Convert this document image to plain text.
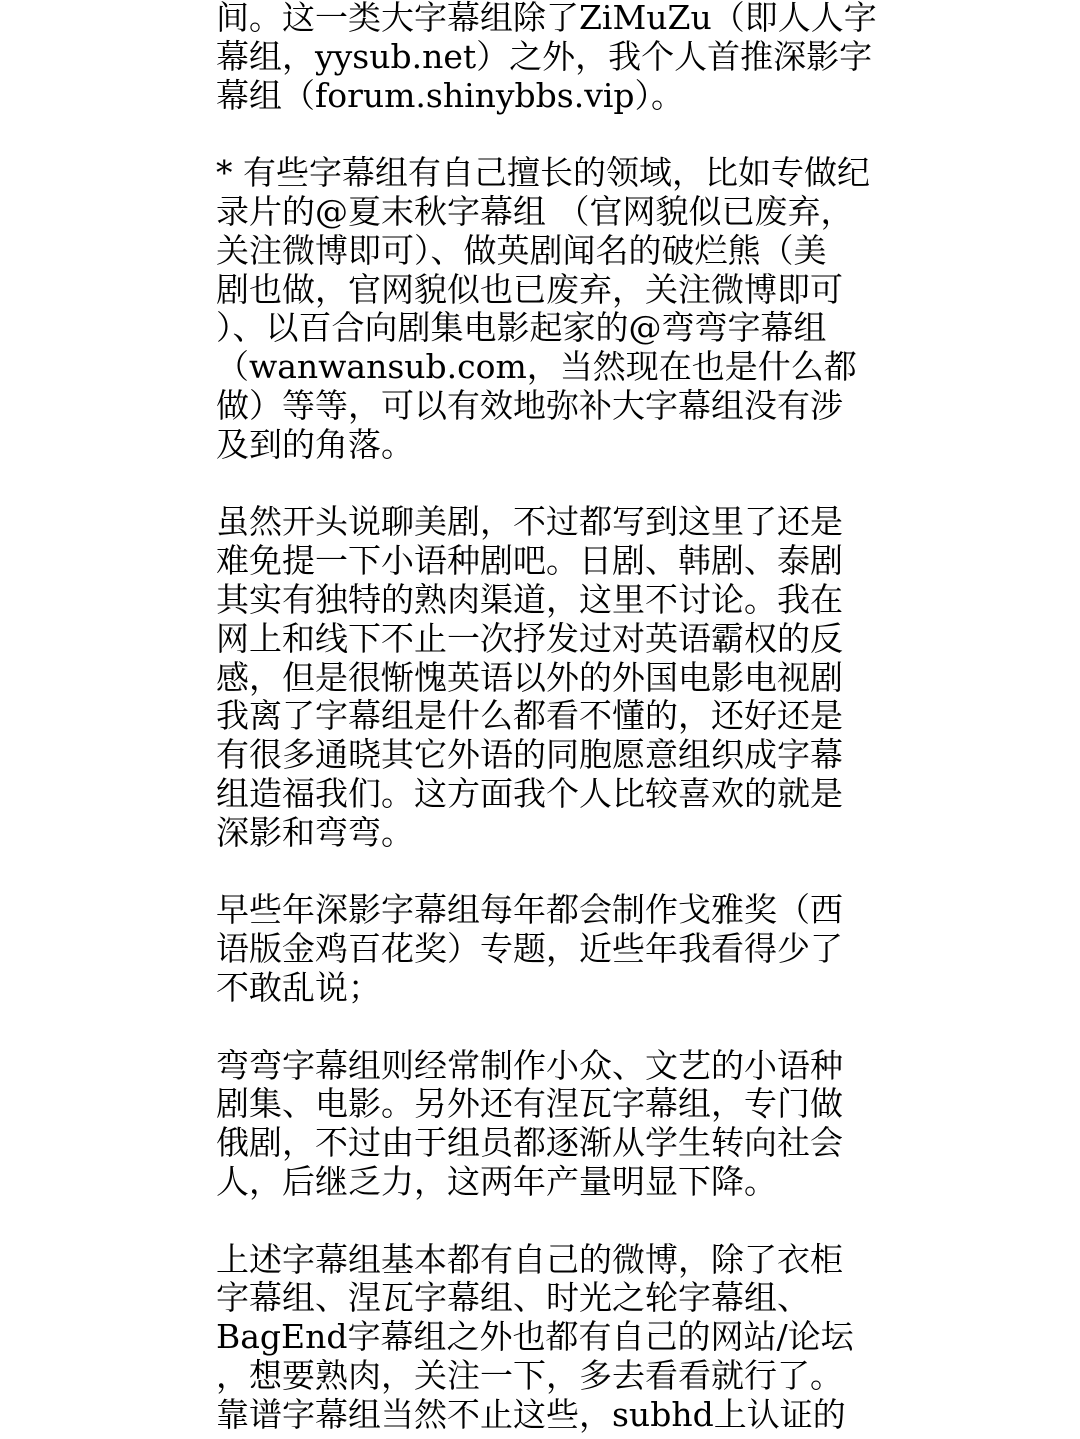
间。这一类大字幕组除了ZiMuZu（即人人字
幕组，yysub.net）之外，我个人首推深影字
幕组（forum.shinybbs.vip）。

* 有些字幕组有自己擅长的领域，比如专做纪
录片的@夏末秋字幕组 （官网貌似已废弃，
关注微博即可）、做英剧闻名的破烂熊（美
剧也做，官网貌似也已废弃，关注微博即可
）、以百合向剧集电影起家的@弯弯字幕组
（wanwansub.com，当然现在也是什么都
做）等等，可以有效地弥补大字幕组没有涉
及到的角落。

虽然开头说聊美剧，不过都写到这里了还是
难免提一下小语种剧吧。日剧、韩剧、泰剧
其实有独特的熟肉渠道，这里不讨论。我在
网上和线下不止一次抒发过对英语霸权的反
感，但是很惭愧英语以外的外国电影电视剧
我离了字幕组是什么都看不懂的，还好还是
有很多通晓其它外语的同胞愿意组织成字幕
组造福我们。这方面我个人比较喜欢的就是
深影和弯弯。

早些年深影字幕组每年都会制作戈雅奖（西
语版金鸡百花奖）专题，近些年我看得少了
不敢乱说；

弯弯字幕组则经常制作小众、文艺的小语种
剧集、电影。另外还有涅瓦字幕组，专门做
俄剧，不过由于组员都逐渐从学生转向社会
人，后继乏力，这两年产量明显下降。

上述字幕组基本都有自己的微博，除了衣柜
字幕组、涅瓦字幕组、时光之轮字幕组、
BagEnd字幕组之外也都有自己的网站/论坛
，想要熟肉，关注一下，多去看看就行了。
靠谱字幕组当然不止这些，subhd上认证的
